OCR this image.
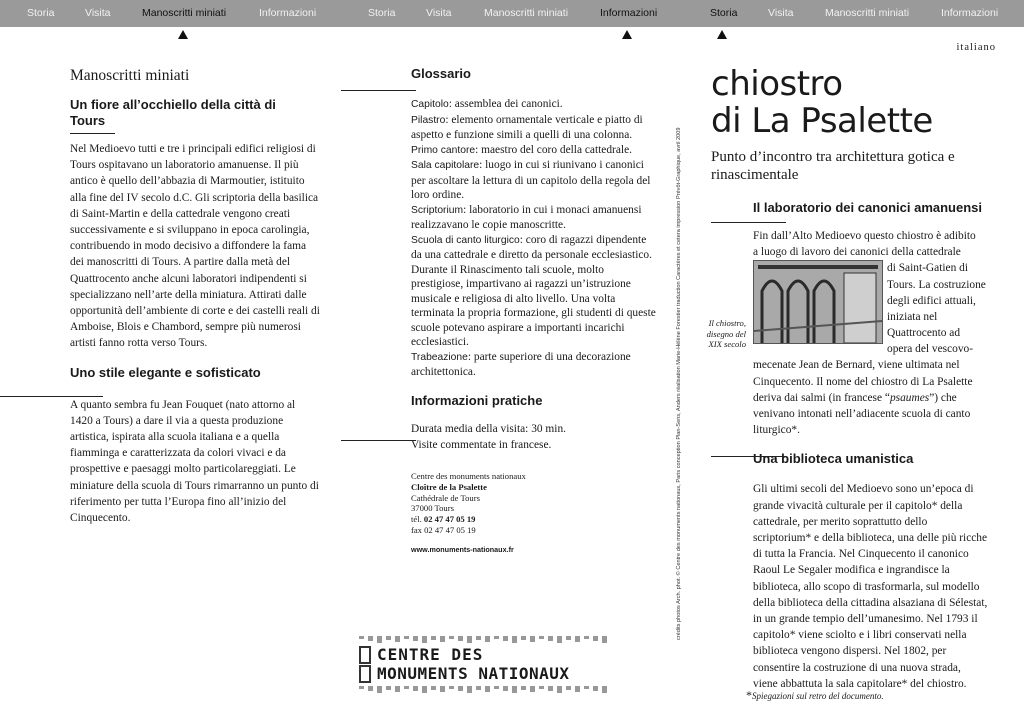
Storia	Visita	Manoscritti miniati	Informazioni	Storia	Visita	Manoscritti miniati	Informazioni	Storia	Visita	Manoscritti miniati	Informazioni
Manoscritti miniati
Un fiore all’occhiello della città di Tours

Nel Medioevo tutti e tre i principali edifici religiosi di Tours ospitavano un laboratorio amanuense. Il più antico è quello dell’abbazia di Marmoutier, istituito alla fine del IV secolo d.C. Gli scriptoria della basilica di Saint-Martin e della cattedrale vengono creati successivamente e si sviluppano in epoca carolingia, contribuendo in modo decisivo a diffondere la fama dei manoscritti di Tours. A partire dalla metà del Quattrocento anche alcuni laboratori indipendenti si specializzano nell’arte della miniatura. Attirati dalle opportunità dell’ambiente di corte e dei castelli reali di Amboise, Blois e Chambord, sempre più numerosi artisti fanno rotta verso Tours.

Uno stile elegante e sofisticato

A quanto sembra fu Jean Fouquet (nato attorno al 1420 a Tours) a dare il via a questa produzione artistica, ispirata alla scuola italiana e a quella fiamminga e caratterizzata da colori vivaci e da prospettive e paesaggi molto particolareggiati. Le miniature della scuola di Tours rimarranno un punto di riferimento per tutta l’Europa fino all’inizio del Cinquecento.

Glossario

Capitolo: assemblea dei canonici.

Pilastro: elemento ornamentale verticale e piatto di aspetto e funzione simili a quelli di una colonna.

Primo cantore: maestro del coro della cattedrale.

Sala capitolare: luogo in cui si riunivano i canonici per ascoltare la lettura di un capitolo della regola del loro ordine.

Scriptorium: laboratorio in cui i monaci amanuensi realizzavano le copie manoscritte.

Scuola di canto liturgico: coro di ragazzi dipendente da una cattedrale e diretto da personale ecclesiastico. Durante il Rinascimento tali scuole, molto prestigiose, impartivano ai ragazzi un’istruzione musicale e religiosa di alto livello. Una volta terminata la propria formazione, gli studenti di queste scuole potevano aspirare a importanti incarichi ecclesiastici.

Trabeazione: parte superiore di una decorazione architettonica.

Informazioni pratiche
Durata media della visita: 30 min.
Visite commentate in francese.
Centre des monuments nationaux
Cloître de la Psalette
Cathédrale de Tours
37000 Tours
tél. 02 47 47 05 19
fax 02 47 47 05 19
www.monuments-nationaux.fr
CENTRE DES
MONUMENTS NATIONAUX
crédits photos Arch. phot. © Centre des monuments nationaux, Paris conception Plan-Sens, Anders réalisation Marie-Hélène Forestier traduction Caractères et cetera impression Prévôt-Graphique, avril 2009
italiano
chiostro
di La Psalette
Punto d’incontro tra architettura gotica e rinascimentale
Il laboratorio dei canonici amanuensi

Fin dall’Alto Medioevo questo chiostro è adibito a luogo di lavoro dei canonici della cattedrale

di Saint-Gatien di
Tours. La costruzione
degli edifici attuali,
iniziata nel
Quattrocento ad
opera del vescovo-

mecenate Jean de Bernard, viene ultimata nel Cinquecento. Il nome del chiostro di La Psalette deriva dai salmi (in francese “psaumes”) che venivano intonati nell’adiacente scuola di canto liturgico*.

Una biblioteca umanistica

Gli ultimi secoli del Medioevo sono un’epoca di grande vivacità culturale per il capitolo* della cattedrale, per merito soprattutto dello scriptorium* e della biblioteca, una delle più ricche di tutta la Francia. Nel Cinquecento il canonico Raoul Le Segaler modifica e ingrandisce la biblioteca, allo scopo di trasformarla, sul modello della biblioteca della cittadina alsaziana di Sélestat, in un grande tempio dell’umanesimo. Nel 1793 il capitolo* viene sciolto e i libri conservati nella biblioteca vengono dispersi. Nel 1802, per consentire la costruzione di una nuova strada, viene abbattuta la sala capitolare* del chiostro.

Il chiostro, disegno del XIX secolo
*Spiegazioni sul retro del documento.
